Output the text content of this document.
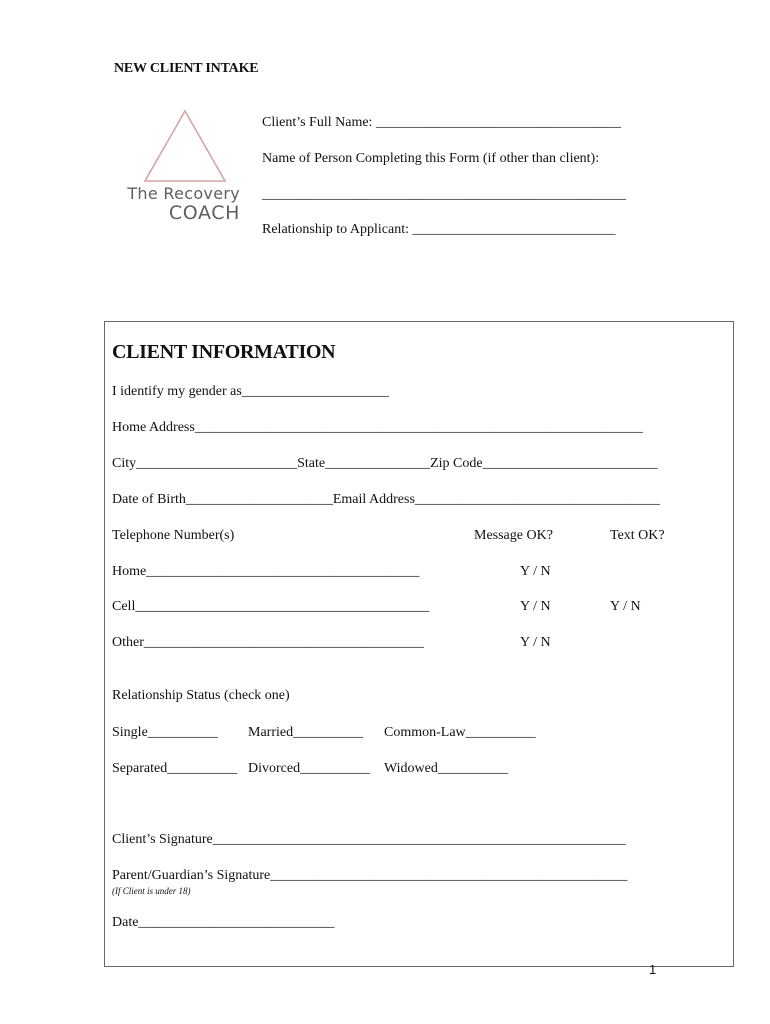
NEW CLIENT INTAKE
The Recovery
COACH
Client’s Full Name: ___________________________________
Name of Person Completing this Form (if other than client):
____________________________________________________
Relationship to Applicant: _____________________________
CLIENT INFORMATION
I identify my gender as_____________________
Home Address________________________________________________________________
City_______________________State_______________Zip Code_________________________
Date of Birth_____________________Email Address___________________________________
Telephone Number(s)	Message OK?	Text OK?
Home_______________________________________	Y / N
Cell__________________________________________	Y / N	Y / N
Other________________________________________	Y / N
Relationship Status (check one)
Single__________ Married__________ Common-Law__________
Separated__________ Divorced__________ Widowed__________
Client’s Signature___________________________________________________________
Parent/Guardian’s Signature___________________________________________________
(If Client is under 18)
Date____________________________
1
